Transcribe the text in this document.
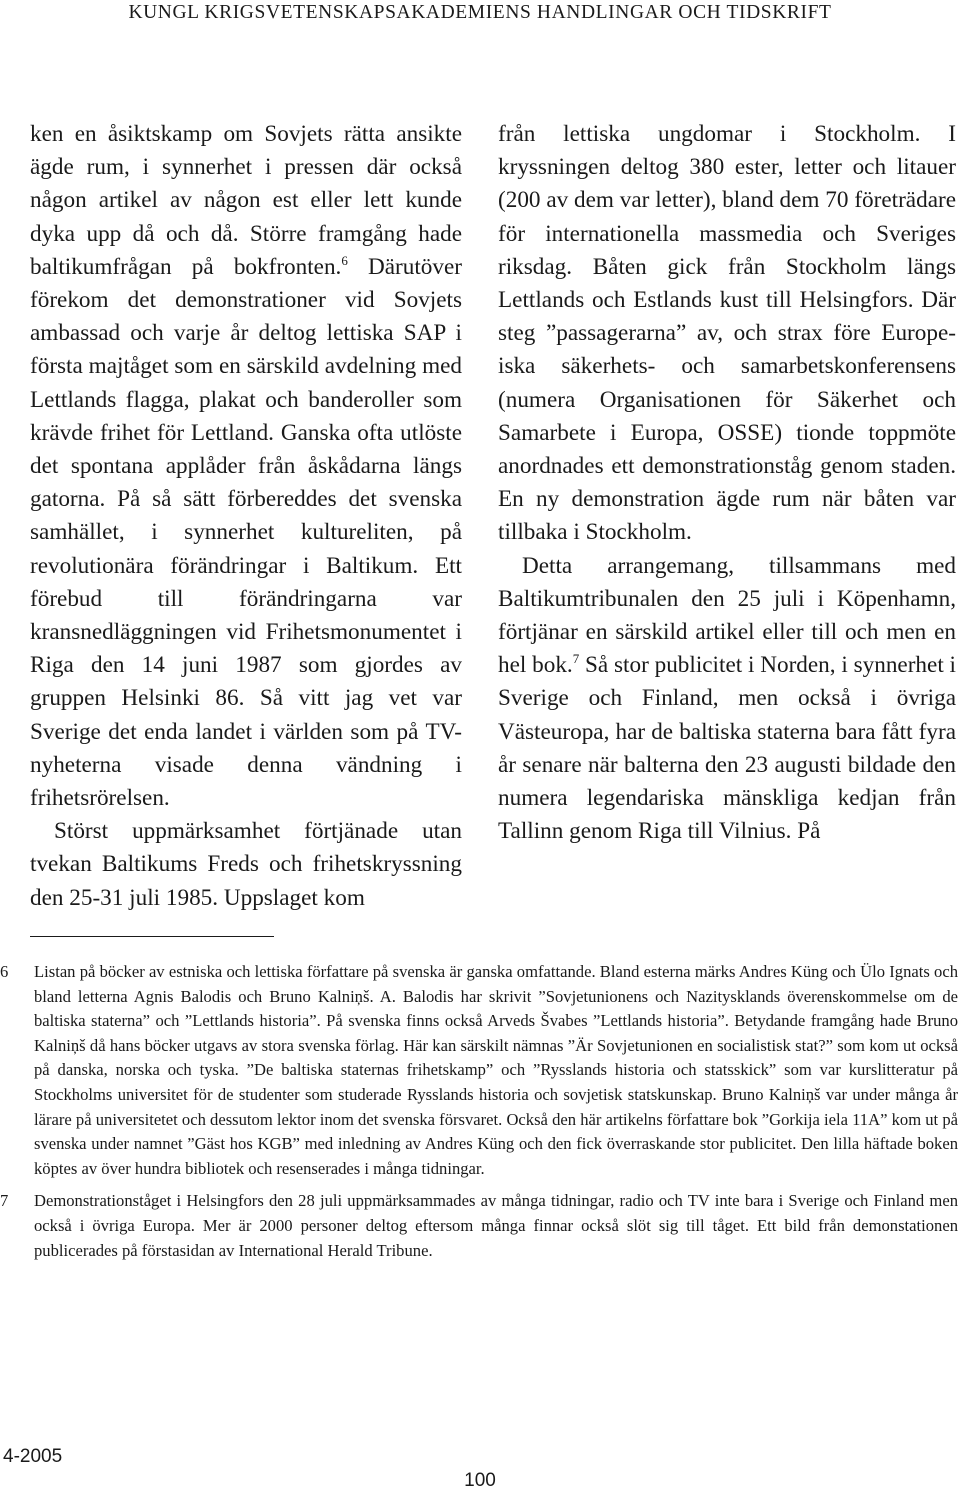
KUNGL KRIGSVETENSKAPSAKADEMIENS HANDLINGAR OCH TIDSKRIFT

ken en åsiktskamp om Sovjets rätta ansikte ägde rum, i synnerhet i pressen där också någon artikel av någon est eller lett kunde dyka upp då och då. Större framgång hade baltikumfrågan på bokfronten.$^6$ Därutöver förekom det demonstrationer vid Sovjets ambassad och varje år deltog lettiska SAP i första majtåget som en särskild avdelning med Lettlands flagga, plakat och banderoller som krävde frihet för Lettland. Ganska ofta utlöste det spontana applåder från åskådarna längs gatorna. På så sätt förbereddes det svenska samhället, i synnerhet kultureliten, på revolutionära förändringar i Baltikum. Ett förebud till förändringarna var kransnedläggningen vid Frihetsmonumentet i Riga den 14 juni 1987 som gjordes av gruppen Helsinki 86. Så vitt jag vet var Sverige det enda landet i världen som på TV-nyheterna visade denna vändning i frihetsrörelsen.

Störst uppmärksamhet förtjänade utan tvekan Baltikums Freds och frihetskryssning den 25-31 juli 1985. Uppslaget kom

från lettiska ungdomar i Stockholm. I kryssningen deltog 380 ester, letter och litauer (200 av dem var letter), bland dem 70 företrädare för internationella massmedia och Sveriges riksdag. Båten gick från Stockholm längs Lettlands och Estlands kust till Helsingfors. Där steg ”passagerarna” av, och strax före Europeiska säkerhets- och samarbetskonferensens (numera Organisationen för Säkerhet och Samarbete i Europa, OSSE) tionde toppmöte anordnades ett demonstrationståg genom staden. En ny demonstration ägde rum när båten var tillbaka i Stockholm.

Detta arrangemang, tillsammans med Baltikumtribunalen den 25 juli i Köpenhamn, förtjänar en särskild artikel eller till och men en hel bok.$^7$ Så stor publicitet i Norden, i synnerhet i Sverige och Finland, men också i övriga Västeuropa, har de baltiska staterna bara fått fyra år senare när balterna den 23 augusti bildade den numera legendariska mänskliga kedjan från Tallinn genom Riga till Vilnius. På

6 Listan på böcker av estniska och lettiska författare på svenska är ganska omfattande. Bland esterna märks Andres Küng och Ülo Ignats och bland letterna Agnis Balodis och Bruno Kalniņš. A. Balodis har skrivit ”Sovjetunionens och Nazitysklands överenskommelse om de baltiska staterna” och ”Lettlands historia”. På svenska finns också Arveds Švabes ”Lettlands historia”. Betydande framgång hade Bruno Kalniņš då hans böcker utgavs av stora svenska förlag. Här kan särskilt nämnas ”Är Sovjetunionen en socialistisk stat?” som kom ut också på danska, norska och tyska. ”De baltiska staternas frihetskamp” och ”Rysslands historia och statsskick” som var kurslitteratur på Stockholms universitet för de studenter som studerade Rysslands historia och sovjetisk statskunskap. Bruno Kalniņš var under många år lärare på universitetet och dessutom lektor inom det svenska försvaret. Också den här artikelns författare bok ”Gorkija iela 11A” kom ut på svenska under namnet ”Gäst hos KGB” med inledning av Andres Küng och den fick överraskande stor publicitet. Den lilla häftade boken köptes av över hundra bibliotek och resenserades i många tidningar.
7 Demonstrationståget i Helsingfors den 28 juli uppmärksammades av många tidningar, radio och TV inte bara i Sverige och Finland men också i övriga Europa. Mer är 2000 personer deltog eftersom många finnar också slöt sig till tåget. Ett bild från demonstationen publicerades på förstasidan av International Herald Tribune.
4-2005
100
